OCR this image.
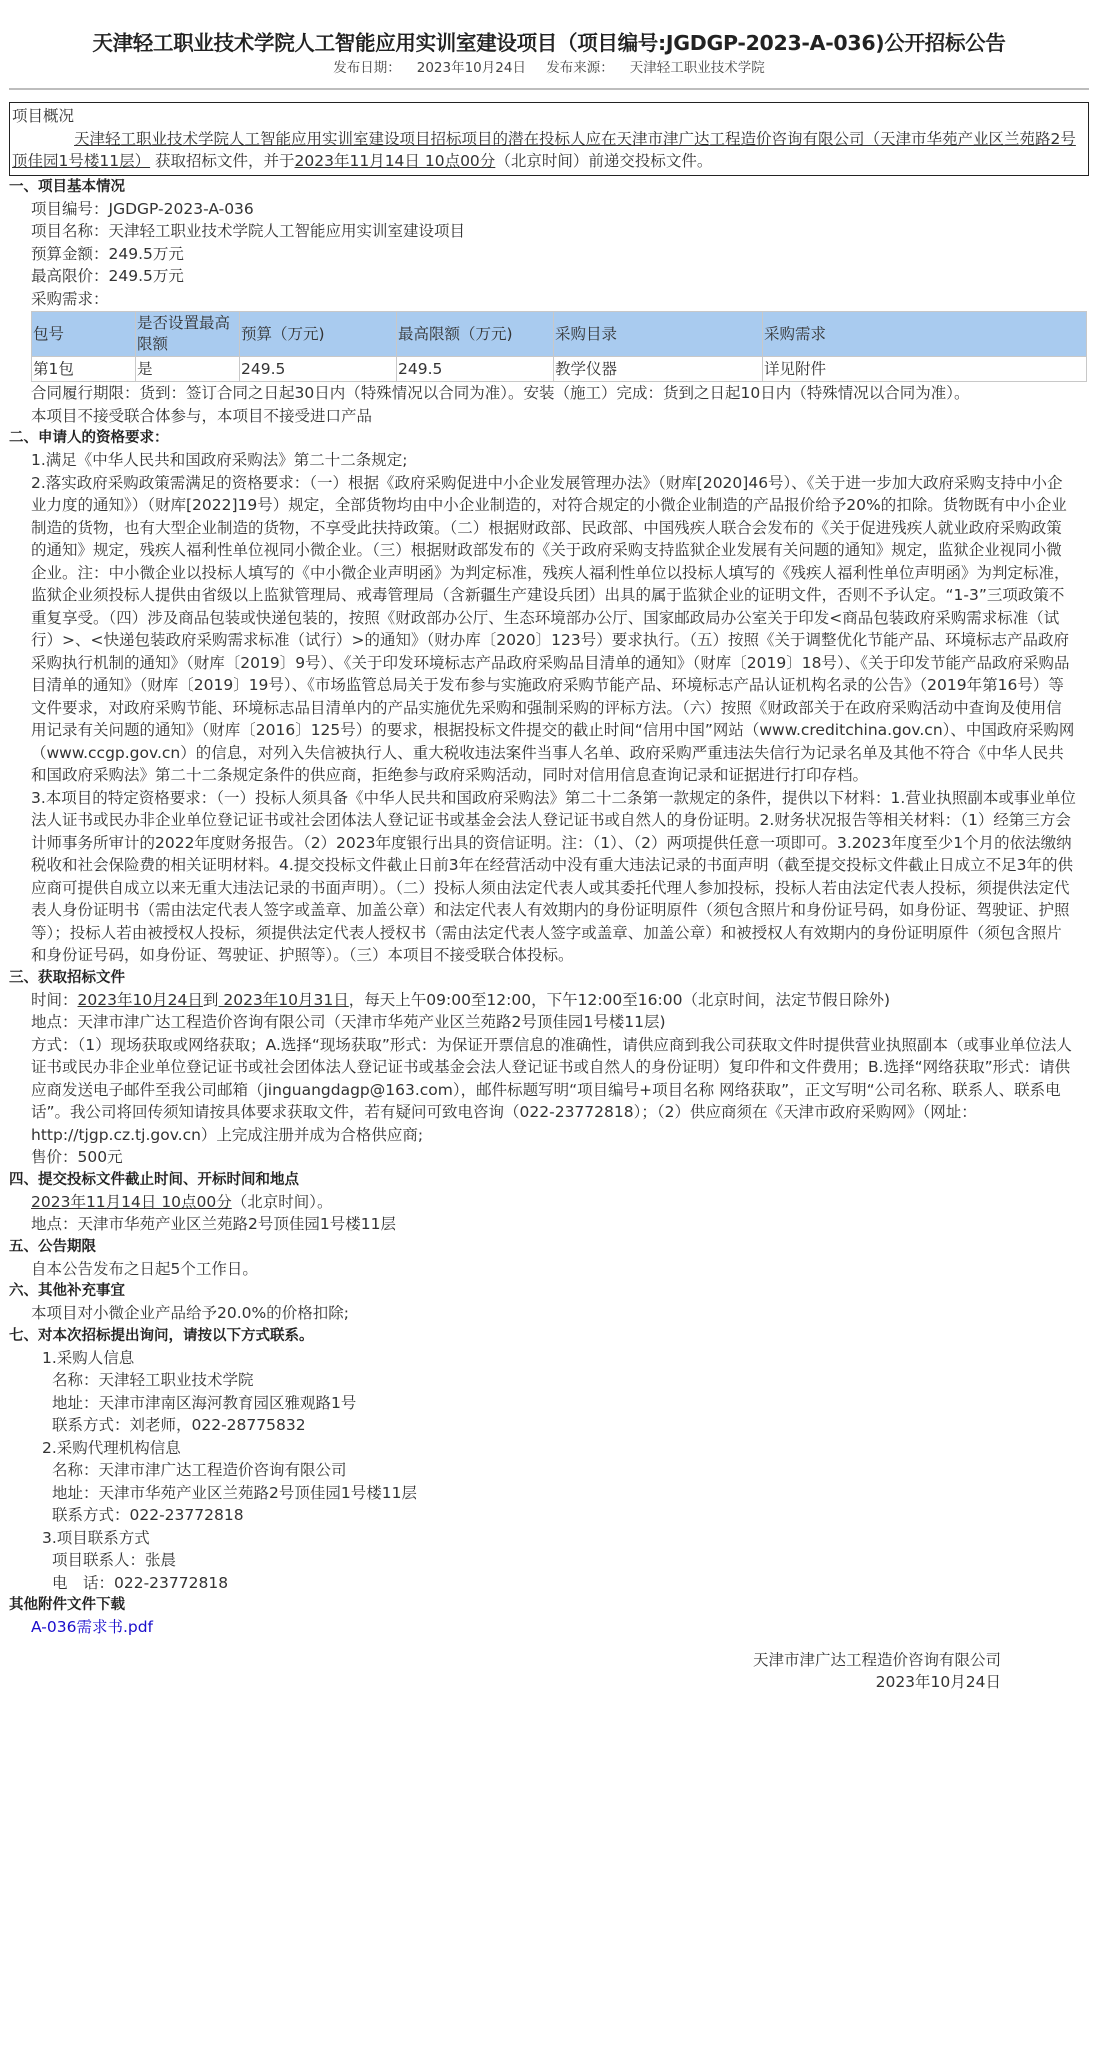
天津轻工职业技术学院人工智能应用实训室建设项目（项目编号:JGDGP-2023-A-036)公开招标公告
发布日期： 2023年10月24日 发布来源： 天津轻工职业技术学院
项目概况
天津轻工职业技术学院人工智能应用实训室建设项目招标项目的潜在投标人应在天津市津广达工程造价咨询有限公司（天津市华苑产业区兰苑路2号顶佳园1号楼11层） 获取招标文件，并于2023年11月14日 10点00分（北京时间）前递交投标文件。
一、项目基本情况
项目编号：JGDGP-2023-A-036
项目名称：天津轻工职业技术学院人工智能应用实训室建设项目
预算金额：249.5万元
最高限价：249.5万元
采购需求：
包号	是否设置最高限额	预算（万元)	最高限额（万元)	采购目录	采购需求
第1包	是	249.5	249.5	教学仪器	详见附件
合同履行期限：货到：签订合同之日起30日内（特殊情况以合同为准）。安装（施工）完成：货到之日起10日内（特殊情况以合同为准）。
本项目不接受联合体参与，本项目不接受进口产品
二、申请人的资格要求：
1.满足《中华人民共和国政府采购法》第二十二条规定;
2.落实政府采购政策需满足的资格要求：（一）根据《政府采购促进中小企业发展管理办法》（财库[2020]46号）、《关于进一步加大政府采购支持中小企业力度的通知》）（财库[2022]19号）规定，全部货物均由中小企业制造的，对符合规定的小微企业制造的产品报价给予20%的扣除。货物既有中小企业制造的货物，也有大型企业制造的货物，不享受此扶持政策。（二）根据财政部、民政部、中国残疾人联合会发布的《关于促进残疾人就业政府采购政策的通知》规定，残疾人福利性单位视同小微企业。（三）根据财政部发布的《关于政府采购支持监狱企业发展有关问题的通知》规定，监狱企业视同小微企业。注：中小微企业以投标人填写的《中小微企业声明函》为判定标准，残疾人福利性单位以投标人填写的《残疾人福利性单位声明函》为判定标准，监狱企业须投标人提供由省级以上监狱管理局、戒毒管理局（含新疆生产建设兵团）出具的属于监狱企业的证明文件，否则不予认定。“1-3”三项政策不重复享受。（四）涉及商品包装或快递包装的，按照《财政部办公厅、生态环境部办公厅、国家邮政局办公室关于印发<商品包装政府采购需求标准（试行）>、<快递包装政府采购需求标准（试行）>的通知》（财办库〔2020〕123号）要求执行。（五）按照《关于调整优化节能产品、环境标志产品政府采购执行机制的通知》（财库〔2019〕9号）、《关于印发环境标志产品政府采购品目清单的通知》（财库〔2019〕18号）、《关于印发节能产品政府采购品目清单的通知》（财库〔2019〕19号）、《市场监管总局关于发布参与实施政府采购节能产品、环境标志产品认证机构名录的公告》（2019年第16号）等文件要求，对政府采购节能、环境标志品目清单内的产品实施优先采购和强制采购的评标方法。（六）按照《财政部关于在政府采购活动中查询及使用信用记录有关问题的通知》（财库〔2016〕125号）的要求，根据投标文件提交的截止时间“信用中国”网站（www.creditchina.gov.cn）、中国政府采购网（www.ccgp.gov.cn）的信息，对列入失信被执行人、重大税收违法案件当事人名单、政府采购严重违法失信行为记录名单及其他不符合《中华人民共和国政府采购法》第二十二条规定条件的供应商，拒绝参与政府采购活动，同时对信用信息查询记录和证据进行打印存档。
3.本项目的特定资格要求：（一）投标人须具备《中华人民共和国政府采购法》第二十二条第一款规定的条件，提供以下材料：1.营业执照副本或事业单位法人证书或民办非企业单位登记证书或社会团体法人登记证书或基金会法人登记证书或自然人的身份证明。2.财务状况报告等相关材料：（1）经第三方会计师事务所审计的2022年度财务报告。（2）2023年度银行出具的资信证明。注：（1）、（2）两项提供任意一项即可。3.2023年度至少1个月的依法缴纳税收和社会保险费的相关证明材料。4.提交投标文件截止日前3年在经营活动中没有重大违法记录的书面声明（截至提交投标文件截止日成立不足3年的供应商可提供自成立以来无重大违法记录的书面声明）。（二）投标人须由法定代表人或其委托代理人参加投标，投标人若由法定代表人投标，须提供法定代表人身份证明书（需由法定代表人签字或盖章、加盖公章）和法定代表人有效期内的身份证明原件（须包含照片和身份证号码，如身份证、驾驶证、护照等）；投标人若由被授权人投标，须提供法定代表人授权书（需由法定代表人签字或盖章、加盖公章）和被授权人有效期内的身份证明原件（须包含照片和身份证号码，如身份证、驾驶证、护照等）。（三）本项目不接受联合体投标。
三、获取招标文件
时间：2023年10月24日到 2023年10月31日，每天上午09:00至12:00，下午12:00至16:00（北京时间，法定节假日除外)
地点：天津市津广达工程造价咨询有限公司（天津市华苑产业区兰苑路2号顶佳园1号楼11层)
方式：（1）现场获取或网络获取；A.选择“现场获取”形式：为保证开票信息的准确性，请供应商到我公司获取文件时提供营业执照副本（或事业单位法人证书或民办非企业单位登记证书或社会团体法人登记证书或基金会法人登记证书或自然人的身份证明）复印件和文件费用；B.选择“网络获取”形式：请供应商发送电子邮件至我公司邮箱（jinguangdagp@163.com），邮件标题写明“项目编号+项目名称 网络获取”，正文写明“公司名称、联系人、联系电话”。我公司将回传须知请按具体要求获取文件，若有疑问可致电咨询（022-23772818）；（2）供应商须在《天津市政府采购网》（网址：http://tjgp.cz.tj.gov.cn）上完成注册并成为合格供应商;
售价：500元
四、提交投标文件截止时间、开标时间和地点
2023年11月14日 10点00分（北京时间）。
地点：天津市华苑产业区兰苑路2号顶佳园1号楼11层
五、公告期限
自本公告发布之日起5个工作日。
六、其他补充事宜
本项目对小微企业产品给予20.0%的价格扣除;
七、对本次招标提出询问，请按以下方式联系。
1.采购人信息
名称：天津轻工职业技术学院
地址：天津市津南区海河教育园区雅观路1号
联系方式：刘老师，022-28775832
2.采购代理机构信息
名称：天津市津广达工程造价咨询有限公司
地址：天津市华苑产业区兰苑路2号顶佳园1号楼11层
联系方式：022-23772818
3.项目联系方式
项目联系人：张晨
电　话：022-23772818
其他附件文件下载
A-036需求书.pdf
天津市津广达工程造价咨询有限公司
2023年10月24日
